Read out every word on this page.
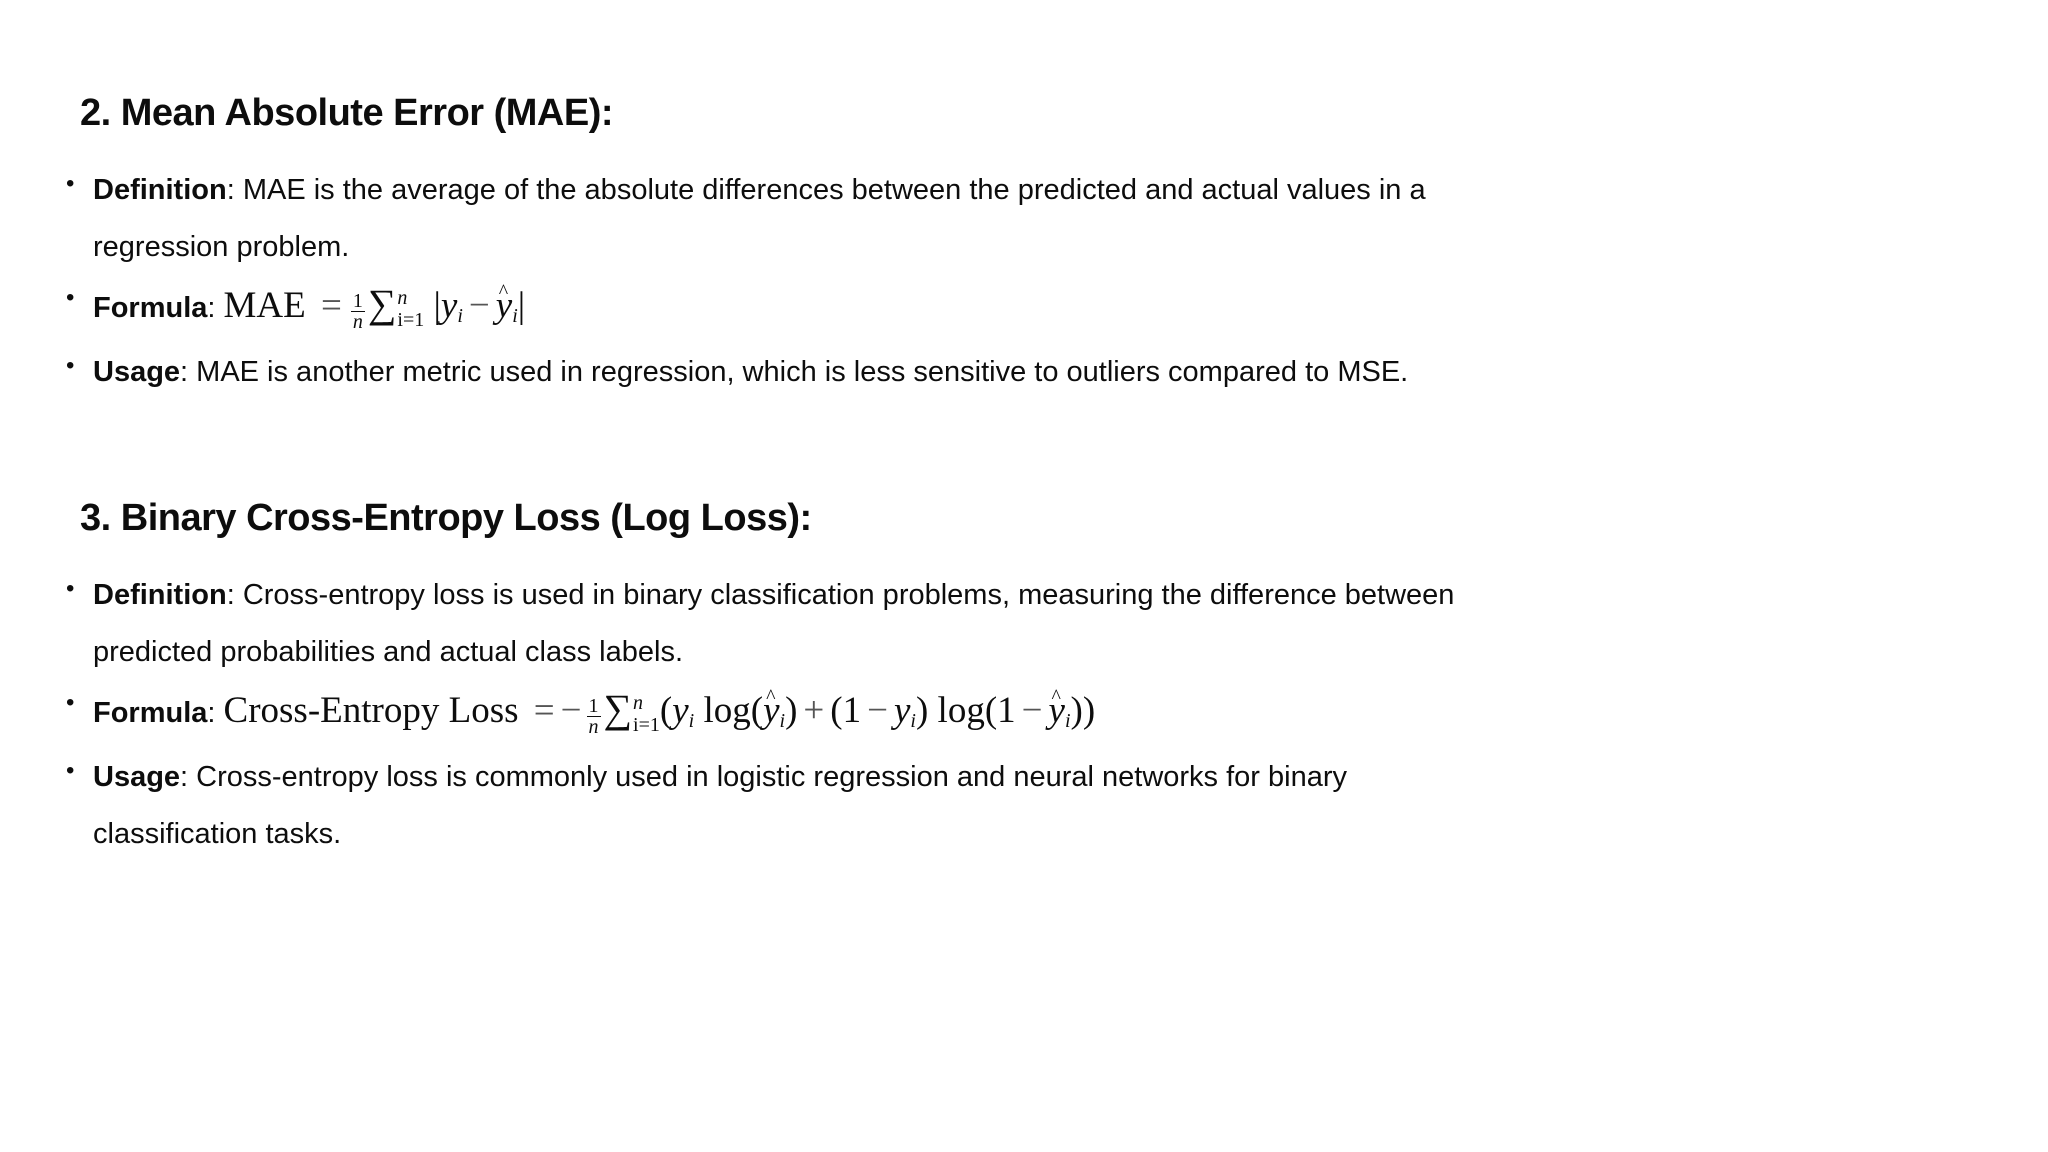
2. Mean Absolute Error (MAE):
• Definition: MAE is the average of the absolute differences between the predicted and actual values in a regression problem.
• Formula: MAE = $\frac{1}{n}$ ∑ n
i=1 $|y_i$ − ^ $y_i|$
• Usage: MAE is another metric used in regression, which is less sensitive to outliers compared to MSE.
3. Binary Cross-Entropy Loss (Log Loss):
• Definition: Cross-entropy loss is used in binary classification problems, measuring the difference between predicted probabilities and actual class labels.
• Formula: Cross-Entropy Loss = − $\frac{1}{n}$ ∑ n
i=1 ($y_i$ log(^ $y_i) + (1 - y_i)$ log(1 − ^ $y_i$))
• Usage: Cross-entropy loss is commonly used in logistic regression and neural networks for binary classification tasks.
